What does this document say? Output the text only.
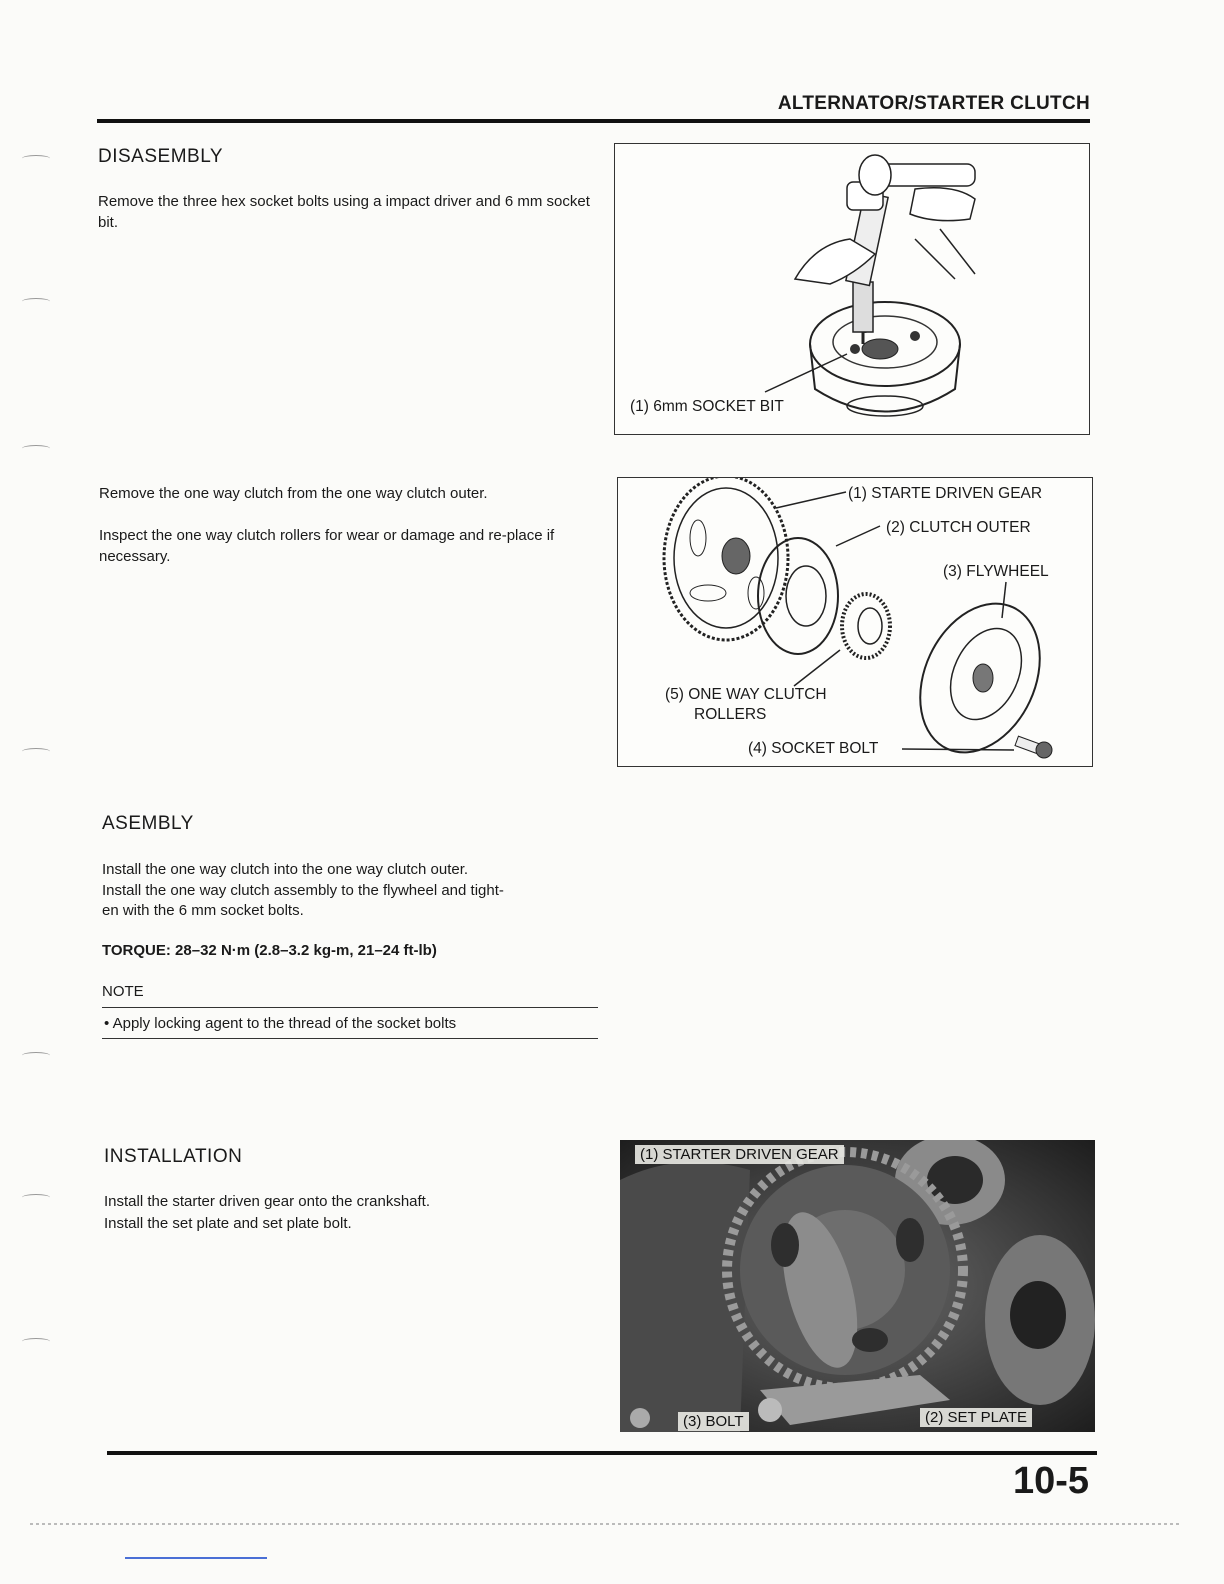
ALTERNATOR/STARTER CLUTCH
DISASEMBLY
Remove the three hex socket bolts using a impact driver and 6 mm socket bit.
(1) 6mm SOCKET BIT
Remove the one way clutch from the one way clutch outer.
Inspect the one way clutch rollers for wear or damage and re-place if necessary.
(1) STARTE DRIVEN GEAR
(2) CLUTCH OUTER
(3) FLYWHEEL
(5) ONE WAY CLUTCH
ROLLERS
(4) SOCKET BOLT
ASEMBLY
Install the one way clutch into the one way clutch outer.
Install the one way clutch assembly to the flywheel and tight-
en with the 6 mm socket bolts.
TORQUE: 28–32 N·m (2.8–3.2 kg-m, 21–24 ft-lb)
NOTE
• Apply locking agent to the thread of the socket bolts
INSTALLATION
Install the starter driven gear onto the crankshaft.
Install the set plate and set plate bolt.
(1) STARTER DRIVEN GEAR
(3) BOLT	(2) SET PLATE
10-5
